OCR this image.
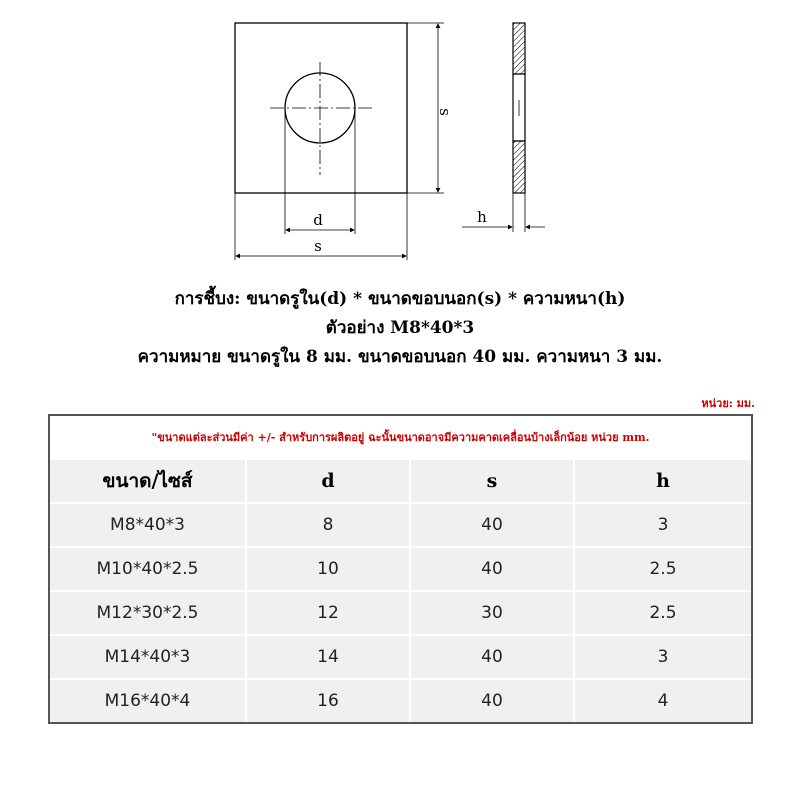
s
d
s
h
การชี้บง: ขนาดรูใน(d) * ขนาดขอบนอก(s) * ความหนา(h)
ตัวอย่าง M8*40*3
ความหมาย ขนาดรูใน 8 มม. ขนาดขอบนอก 40 มม. ความหนา 3 มม.
หน่วย: มม.
"ขนาดแต่ละส่วนมีค่า +/- สำหรับการผลิตอยู่ ฉะนั้นขนาดอาจมีความคาดเคลื่อนบ้างเล็กน้อย หน่วย mm.
ขนาด/ไซส์	d	s	h
M8*40*3	8	40	3
M10*40*2.5	10	40	2.5
M12*30*2.5	12	30	2.5
M14*40*3	14	40	3
M16*40*4	16	40	4
